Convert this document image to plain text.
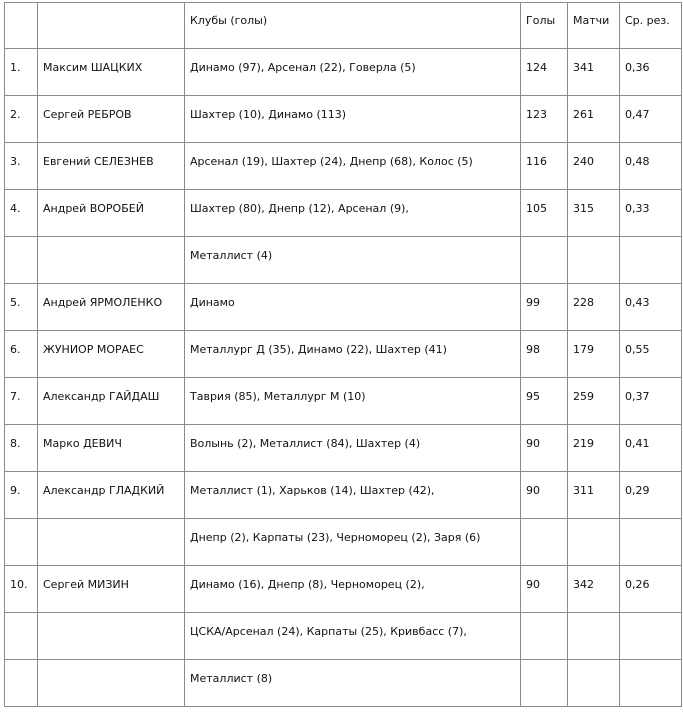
		Клубы (голы)	Голы	Матчи	Ср. рез.

1.	Максим ШАЦКИХ	Динамо (97), Арсенал (22), Говерла (5)	124	341	0,36

2.	Сергей РЕБРОВ	Шахтер (10), Динамо (113)	123	261	0,47

3.	Евгений СЕЛЕЗНЕВ	Арсенал (19), Шахтер (24), Днепр (68), Колос (5)	116	240	0,48

4.	Андрей ВОРОБЕЙ	Шахтер (80), Днепр (12), Арсенал (9),	105	315	0,33

		Металлист (4)			

5.	Андрей ЯРМОЛЕНКО	Динамо	99	228	0,43

6.	ЖУНИОР МОРАЕС	Металлург Д (35), Динамо (22), Шахтер (41)	98	179	0,55

7.	Александр ГАЙДАШ	Таврия (85), Металлург М (10)	95	259	0,37

8.	Марко ДЕВИЧ	Волынь (2), Металлист (84), Шахтер (4)	90	219	0,41

9.	Александр ГЛАДКИЙ	Металлист (1), Харьков (14), Шахтер (42),	90	311	0,29

		Днепр (2), Карпаты (23), Черноморец (2), Заря (6)			

10.	Сергей МИЗИН	Динамо (16), Днепр (8), Черноморец (2),	90	342	0,26

		ЦСКА/Арсенал (24), Карпаты (25), Кривбасс (7),			

		Металлист (8)			
